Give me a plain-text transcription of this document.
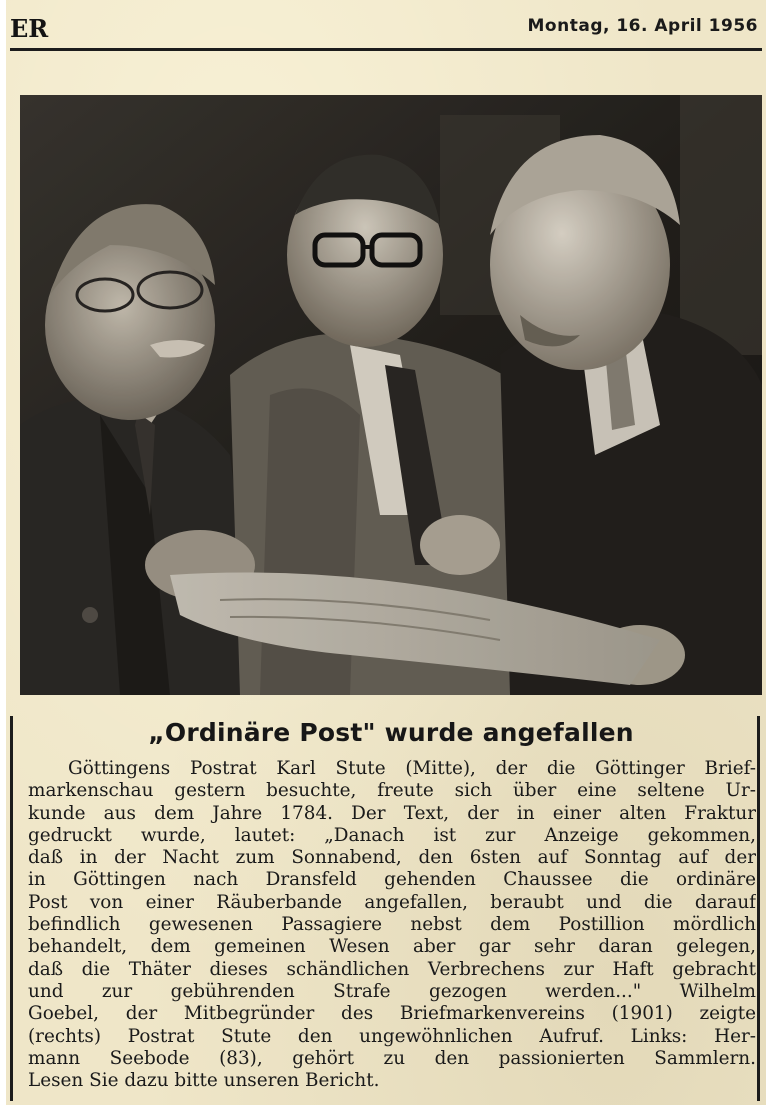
ER	Montag, 16. April 1956
„Ordinäre Post" wurde angefallen
Göttingens Postrat Karl Stute (Mitte), der die Göttinger Brief-
markenschau gestern besuchte, freute sich über eine seltene Ur-
kunde aus dem Jahre 1784. Der Text, der in einer alten Fraktur
gedruckt wurde, lautet: „Danach ist zur Anzeige gekommen,
daß in der Nacht zum Sonnabend, den 6sten auf Sonntag auf der
in Göttingen nach Dransfeld gehenden Chaussee die ordinäre
Post von einer Räuberbande angefallen, beraubt und die darauf
befindlich gewesenen Passagiere nebst dem Postillion mördlich
behandelt, dem gemeinen Wesen aber gar sehr daran gelegen,
daß die Thäter dieses schändlichen Verbrechens zur Haft gebracht
und zur gebührenden Strafe gezogen werden..." Wilhelm
Goebel, der Mitbegründer des Briefmarkenvereins (1901) zeigte
(rechts) Postrat Stute den ungewöhnlichen Aufruf. Links: Her-
mann Seebode (83), gehört zu den passionierten Sammlern.
Lesen Sie dazu bitte unseren Bericht.
